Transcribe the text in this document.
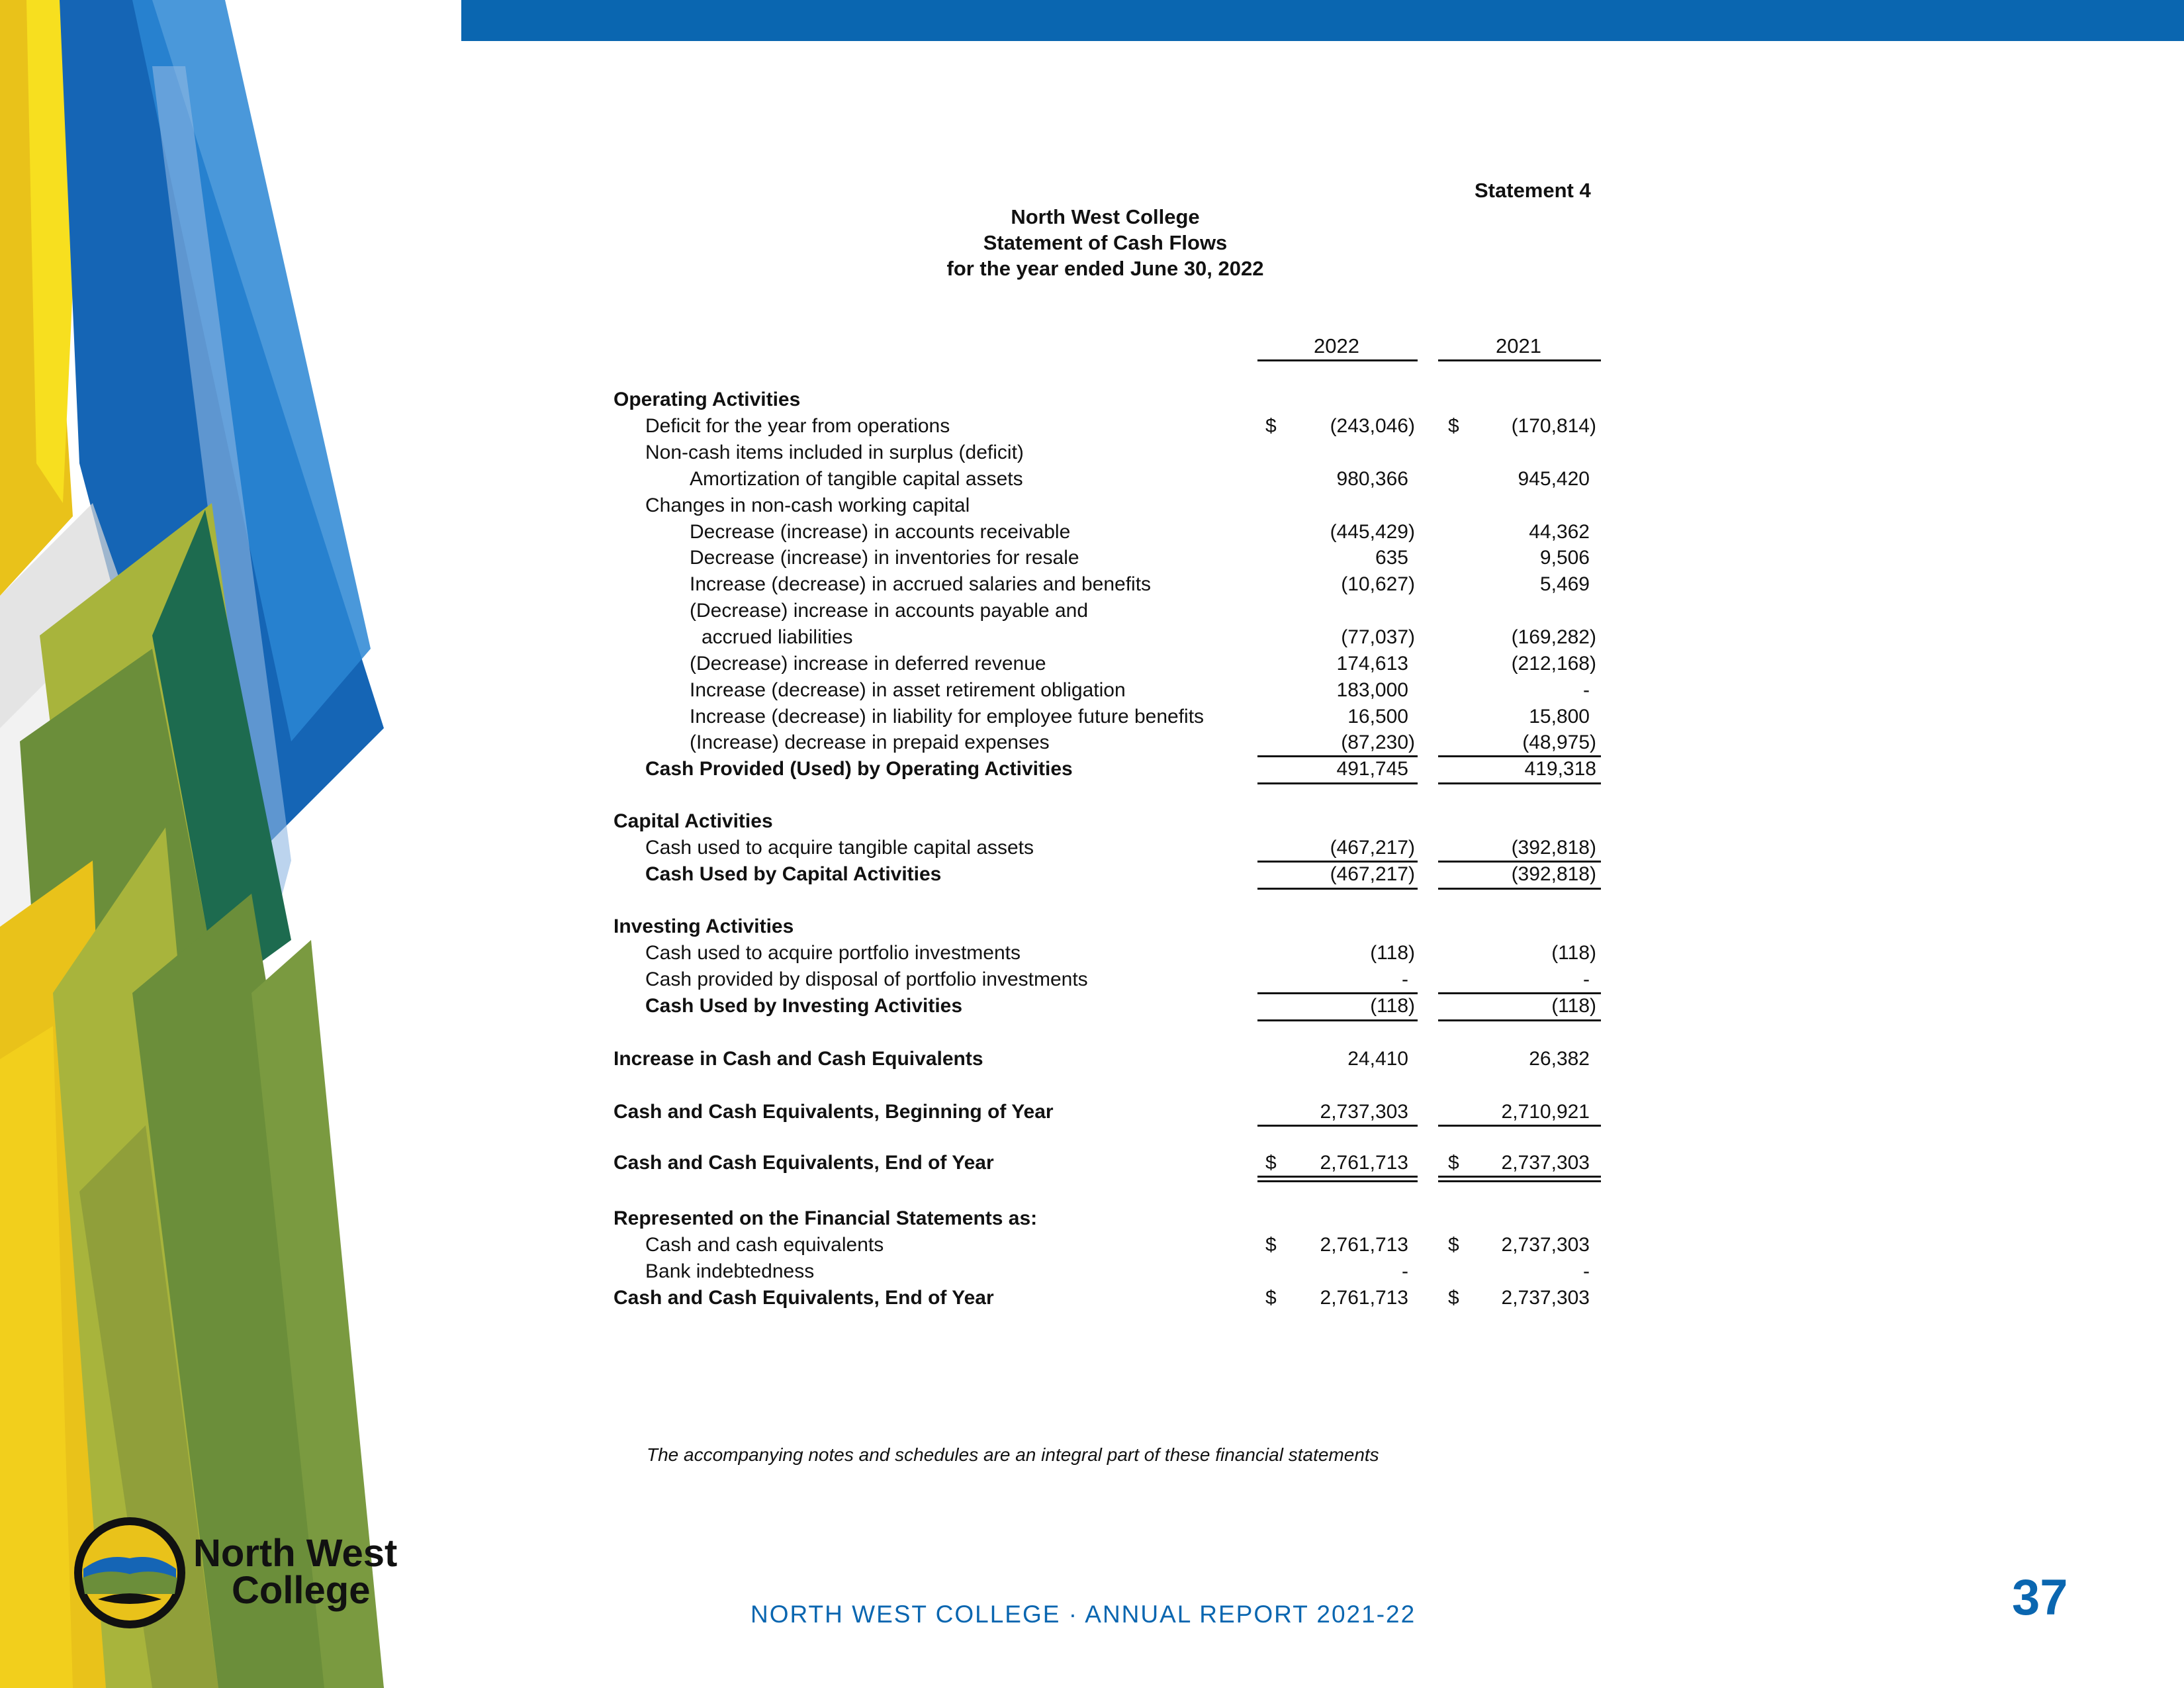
Statement 4
North West College
Statement of Cash Flows
for the year ended June 30, 2022
2022	2021
Operating Activities
Deficit for the year from operations	$	(243,046) $	(170,814)
Non-cash items included in surplus (deficit)
Amortization of tangible capital assets	980,366	945,420
Changes in non-cash working capital
Decrease (increase) in accounts receivable	(445,429)	44,362
Decrease (increase) in inventories for resale	635	9,506
Increase (decrease) in accrued salaries and benefits	(10,627)	5,469
(Decrease) increase in accounts payable and
accrued liabilities	(77,037)	(169,282)
(Decrease) increase in deferred revenue	174,613	(212,168)
Increase (decrease) in asset retirement obligation	183,000	-
Increase (decrease) in liability for employee future benefits	16,500	15,800
(Increase) decrease in prepaid expenses	(87,230)	(48,975)
Cash Provided (Used) by Operating Activities	491,745	419,318
Capital Activities
Cash used to acquire tangible capital assets	(467,217)	(392,818)
Cash Used by Capital Activities	(467,217)	(392,818)
Investing Activities
Cash used to acquire portfolio investments	(118)	(118)
Cash provided by disposal of portfolio investments	-	-
Cash Used by Investing Activities	(118)	(118)
Increase in Cash and Cash Equivalents	24,410	26,382
Cash and Cash Equivalents, Beginning of Year	2,737,303	2,710,921
Cash and Cash Equivalents, End of Year	$ 2,761,713 $ 2,737,303
Represented on the Financial Statements as:
Cash and cash equivalents	$ 2,761,713 $ 2,737,303
Bank indebtedness	-	-
Cash and Cash Equivalents, End of Year	$ 2,761,713 $ 2,737,303
The accompanying notes and schedules are an integral part of these financial statements
North West
College
NORTH WEST COLLEGE · ANNUAL REPORT 2021-22	37
